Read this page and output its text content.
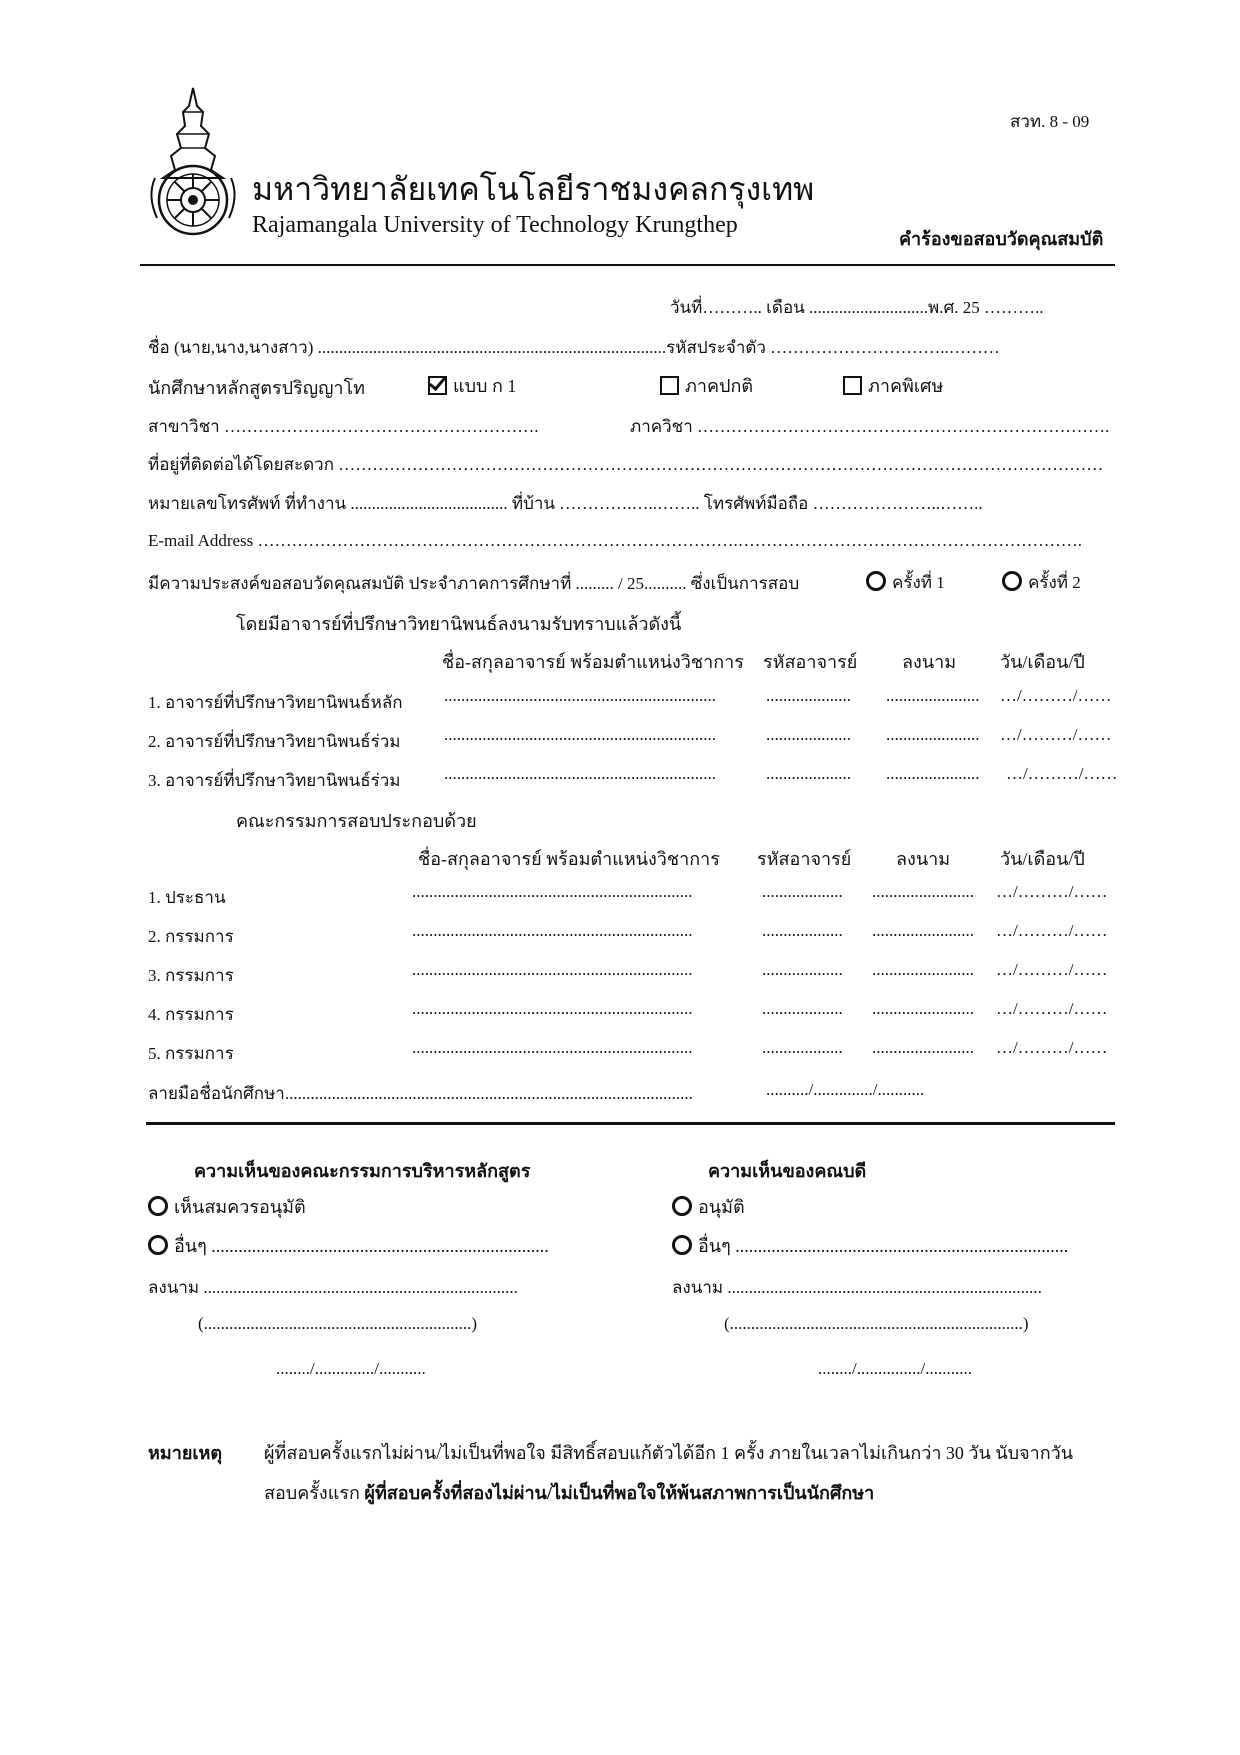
สวท. 8 - 09
มหาวิทยาลัยเทคโนโลยีราชมงคลกรุงเทพ
Rajamangala University of Technology Krungthep
คำร้องขอสอบวัดคุณสมบัติ
วันที่……….. เดือน ............................พ.ศ. 25 ………..
ชื่อ (นาย,นาง,นางสาว) ..................................................................................รหัสประจำตัว …………………………..………
นักศึกษาหลักสูตรปริญญาโท	แบบ ก 1	ภาคปกติ	ภาคพิเศษ
สาขาวิชา ……………….……………………………….	ภาควิชา ……………………………………………………………….
ที่อยู่ที่ติดต่อได้โดยสะดวก ………………………………………………………………………………………………………………………
หมายเลขโทรศัพท์ ที่ทำงาน ..................................... ที่บ้าน ………….…..…….. โทรศัพท์มือถือ …………………..……..
E-mail Address ………………………………………………………………………….…………………………………………………….
มีความประสงค์ขอสอบวัดคุณสมบัติ ประจำภาคการศึกษาที่ ......... / 25.......... ซึ่งเป็นการสอบ	ครั้งที่ 1	ครั้งที่ 2
โดยมีอาจารย์ที่ปรึกษาวิทยานิพนธ์ลงนามรับทราบแล้วดังนี้
ชื่อ-สกุลอาจารย์ พร้อมตำแหน่งวิชาการ รหัสอาจารย์ ลงนาม วัน/เดือน/ปี
1. อาจารย์ที่ปรึกษาวิทยานิพนธ์หลัก ................................................................	.................... ...................... …/………/……
2. อาจารย์ที่ปรึกษาวิทยานิพนธ์ร่วม	................................................................	.................... ...................... …/………/……
3. อาจารย์ที่ปรึกษาวิทยานิพนธ์ร่วม	................................................................	.................... ...................... …/………/……
คณะกรรมการสอบประกอบด้วย
ชื่อ-สกุลอาจารย์ พร้อมตำแหน่งวิชาการ รหัสอาจารย์ ลงนาม	วัน/เดือน/ปี
1. ประธาน	..................................................................	................... ........................ …/………/……
2. กรรมการ	..................................................................	................... ........................ …/………/……
3. กรรมการ	..................................................................	................... ........................ …/………/……
4. กรรมการ	..................................................................	................... ........................ …/………/……
5. กรรมการ	..................................................................	................... ........................ …/………/……
ลายมือชื่อนักศึกษา................................................................................................	........../............../...........
ความเห็นของคณะกรรมการบริหารหลักสูตร
เห็นสมควรอนุมัติ
อื่นๆ ...........................................................................
ลงนาม ..........................................................................
(...............................................................)
......../............../...........
ความเห็นของคณบดี
อนุมัติ
อื่นๆ ..........................................................................
ลงนาม ..........................................................................
(.....................................................................)
......../.............../...........
หมายเหตุ ผู้ที่สอบครั้งแรกไม่ผ่าน/ไม่เป็นที่พอใจ มีสิทธิ์สอบแก้ตัวได้อีก 1 ครั้ง ภายในเวลาไม่เกินกว่า 30 วัน นับจากวัน
สอบครั้งแรก ผู้ที่สอบครั้งที่สองไม่ผ่าน/ไม่เป็นที่พอใจให้พ้นสภาพการเป็นนักศึกษา
